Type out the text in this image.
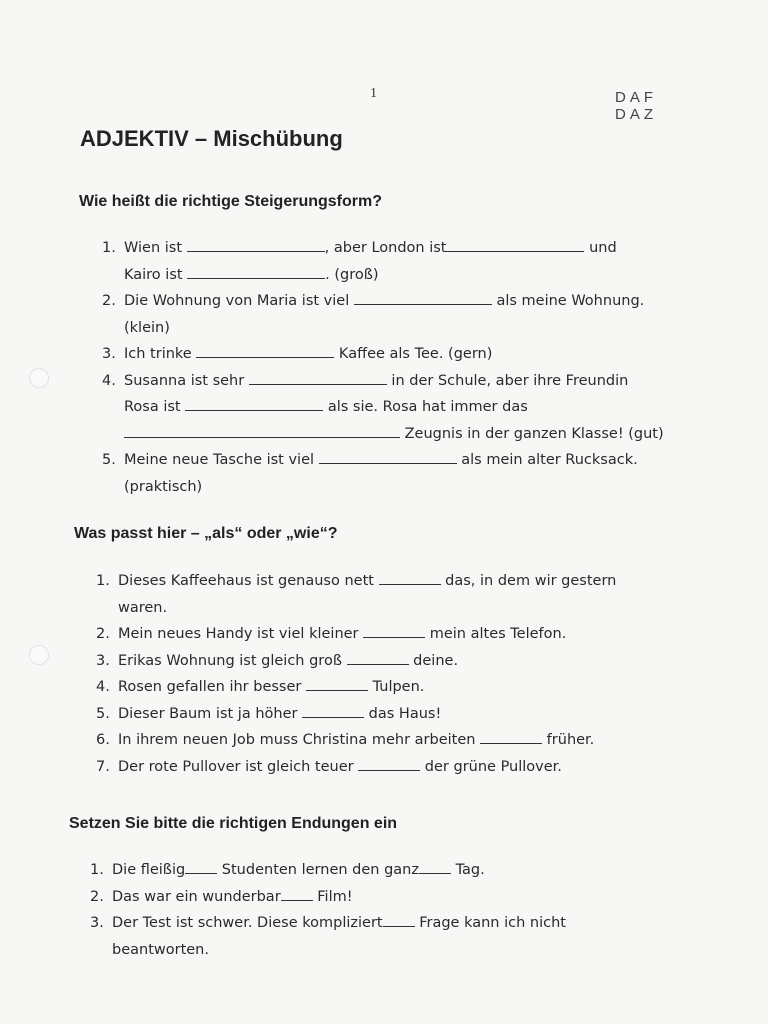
1	DAF
DAZ
ADJEKTIV – Mischübung
Wie heißt die richtige Steigerungsform?
1. Wien ist	, aber London ist	und
Kairo ist	. (groß)
2. Die Wohnung von Maria ist viel	als meine Wohnung.
(klein)
3. Ich trinke	Kaffee als Tee. (gern)
4. Susanna ist sehr	in der Schule, aber ihre Freundin
Rosa ist	als sie. Rosa hat immer das
Zeugnis in der ganzen Klasse! (gut)
5. Meine neue Tasche ist viel	als mein alter Rucksack.
(praktisch)
Was passt hier – „als“ oder „wie“?
1. Dieses Kaffeehaus ist genauso nett	das, in dem wir gestern
waren.
2. Mein neues Handy ist viel kleiner	mein altes Telefon.
3. Erikas Wohnung ist gleich groß	deine.
4. Rosen gefallen ihr besser	Tulpen.
5. Dieser Baum ist ja höher	das Haus!
6. In ihrem neuen Job muss Christina mehr arbeiten	früher.
7. Der rote Pullover ist gleich teuer	der grüne Pullover.
Setzen Sie bitte die richtigen Endungen ein
1. Die fleißig Studenten lernen den ganz Tag.
2. Das war ein wunderbar Film!
3. Der Test ist schwer. Diese kompliziert Frage kann ich nicht
beantworten.
